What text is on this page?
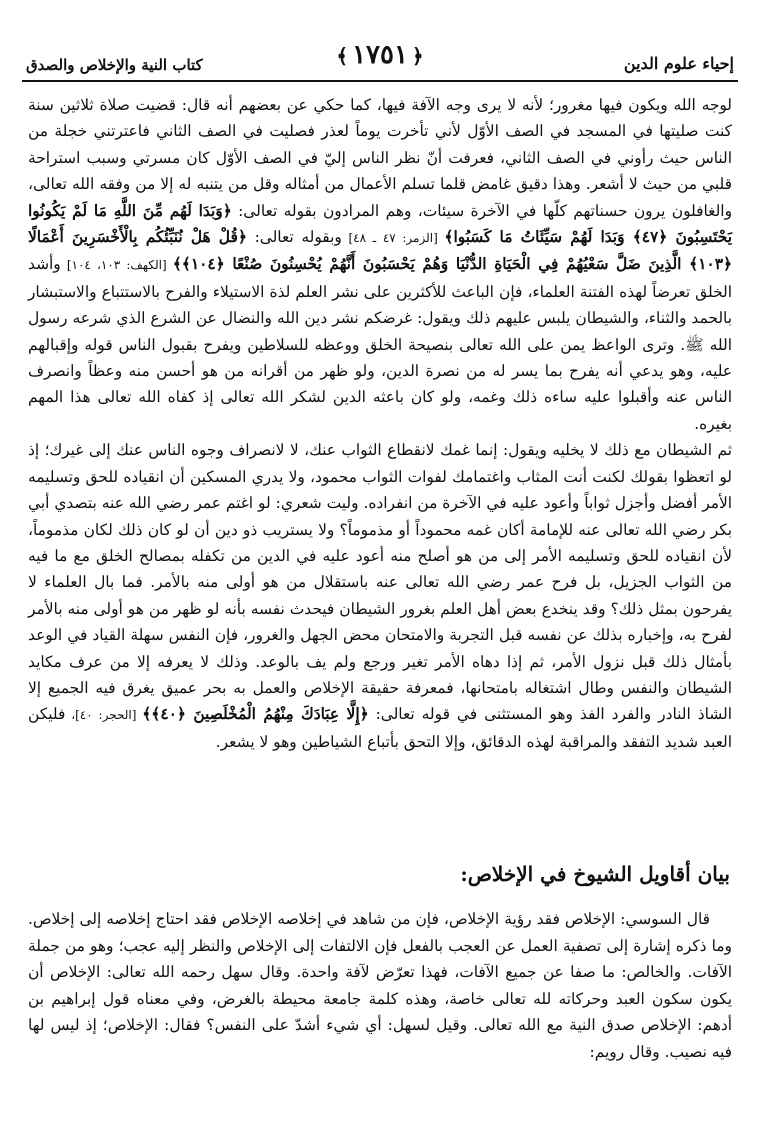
إحياء علوم الدين
﴿١٧٥١﴾
كتاب النية والإخلاص والصدق

لوجه الله ويكون فيها مغرور؛ لأنه لا يرى وجه الآفة فيها، كما حكي عن بعضهم أنه قال: قضيت صلاة ثلاثين سنة كنت صليتها في المسجد في الصف الأوّل لأني تأخرت يوماً لعذر فصليت في الصف الثاني فاعترتني خجلة من الناس حيث رأوني في الصف الثاني، فعرفت أنّ نظر الناس إليّ في الصف الأوّل كان مسرتي وسبب استراحة قلبي من حيث لا أشعر. وهذا دقيق غامض قلما تسلم الأعمال من أمثاله وقل من يتنبه له إلا من وفقه الله تعالى، والغافلون يرون حسناتهم كلّها في الآخرة سيئات، وهم المرادون بقوله تعالى: ﴿وَبَدَا لَهُم مِّنَ اللَّهِ مَا لَمْ يَكُونُوا يَحْتَسِبُونَ ﴿٤٧﴾ وَبَدَا لَهُمْ سَيِّئَاتُ مَا كَسَبُوا﴾ [الزمر: ٤٧ ـ ٤٨] وبقوله تعالى: ﴿قُلْ هَلْ نُنَبِّئُكُم بِالْأَخْسَرِينَ أَعْمَالًا ﴿١٠٣﴾ الَّذِينَ ضَلَّ سَعْيُهُمْ فِي الْحَيَاةِ الدُّنْيَا وَهُمْ يَحْسَبُونَ أَنَّهُمْ يُحْسِنُونَ صُنْعًا ﴿١٠٤﴾﴾ [الكهف: ١٠٣، ١٠٤] وأشد الخلق تعرضاً لهذه الفتنة العلماء، فإن الباعث للأكثرين على نشر العلم لذة الاستيلاء والفرح بالاستتباع والاستبشار بالحمد والثناء، والشيطان يلبس عليهم ذلك ويقول: غرضكم نشر دين الله والنضال عن الشرع الذي شرعه رسول الله ﷺ. وترى الواعظ يمن على الله تعالى بنصيحة الخلق ووعظه للسلاطين ويفرح بقبول الناس قوله وإقبالهم عليه، وهو يدعي أنه يفرح بما يسر له من نصرة الدين، ولو ظهر من أقرانه من هو أحسن منه وعظاً وانصرف الناس عنه وأقبلوا عليه ساءه ذلك وغمه، ولو كان باعثه الدين لشكر الله تعالى إذ كفاه الله تعالى هذا المهم بغيره.

ثم الشيطان مع ذلك لا يخليه ويقول: إنما غمك لانقطاع الثواب عنك، لا لانصراف وجوه الناس عنك إلى غيرك؛ إذ لو اتعظوا بقولك لكنت أنت المثاب واغتمامك لفوات الثواب محمود، ولا يدري المسكين أن انقياده للحق وتسليمه الأمر أفضل وأجزل ثواباً وأعود عليه في الآخرة من انفراده. وليت شعري: لو اغتم عمر رضي الله عنه بتصدي أبي بكر رضي الله تعالى عنه للإمامة أكان غمه محموداً أو مذموماً؟ ولا يستريب ذو دين أن لو كان ذلك لكان مذموماً، لأن انقياده للحق وتسليمه الأمر إلى من هو أصلح منه أعود عليه في الدين من تكفله بمصالح الخلق مع ما فيه من الثواب الجزيل، بل فرح عمر رضي الله تعالى عنه باستقلال من هو أولى منه بالأمر. فما بال العلماء لا يفرحون بمثل ذلك؟ وقد ينخدع بعض أهل العلم بغرور الشيطان فيحدث نفسه بأنه لو ظهر من هو أولى منه بالأمر لفرح به، وإخباره بذلك عن نفسه قبل التجربة والامتحان محض الجهل والغرور، فإن النفس سهلة القياد في الوعد بأمثال ذلك قبل نزول الأمر، ثم إذا دهاه الأمر تغير ورجع ولم يف بالوعد. وذلك لا يعرفه إلا من عرف مكايد الشيطان والنفس وطال اشتغاله بامتحانها، فمعرفة حقيقة الإخلاص والعمل به بحر عميق يغرق فيه الجميع إلا الشاذ النادر والفرد الفذ وهو المستثنى في قوله تعالى: ﴿إِلَّا عِبَادَكَ مِنْهُمُ الْمُخْلَصِينَ ﴿٤٠﴾﴾ [الحجر: ٤٠]، فليكن العبد شديد التفقد والمراقبة لهذه الدقائق، وإلا التحق بأتباع الشياطين وهو لا يشعر.

بيان أقاويل الشيوخ في الإخلاص:

قال السوسي: الإخلاص فقد رؤية الإخلاص، فإن من شاهد في إخلاصه الإخلاص فقد احتاج إخلاصه إلى إخلاص. وما ذكره إشارة إلى تصفية العمل عن العجب بالفعل فإن الالتفات إلى الإخلاص والنظر إليه عجب؛ وهو من جملة الآفات. والخالص: ما صفا عن جميع الآفات، فهذا تعرّض لآفة واحدة. وقال سهل رحمه الله تعالى: الإخلاص أن يكون سكون العبد وحركاته لله تعالى خاصة، وهذه كلمة جامعة محيطة بالغرض، وفي معناه قول إبراهيم بن أدهم: الإخلاص صدق النية مع الله تعالى. وقيل لسهل: أي شيء أشدّ على النفس؟ فقال: الإخلاص؛ إذ ليس لها فيه نصيب. وقال رويم:
